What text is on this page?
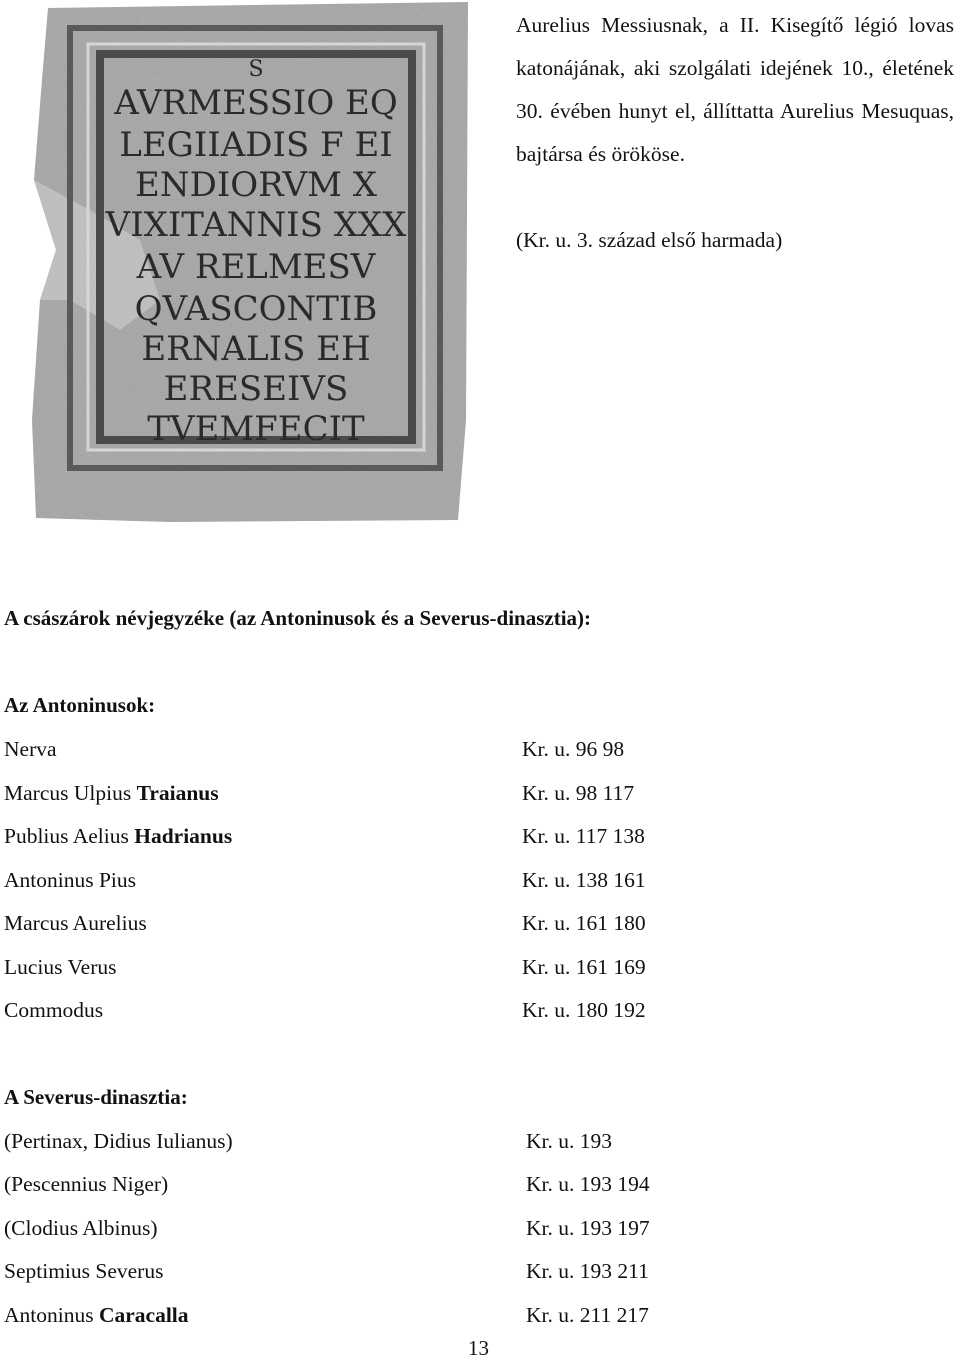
S
AVRMESSIO EQ
LEGIIADIS F EI
ENDIORVM X
VIXITANNIS XXX
AV RELMESV
QVASCONTIB
ERNALIS EH
ERESEIVS
TVEMFECIT

Aurelius Messiusnak, a II. Kisegítő légió lovas katonájának, aki szolgálati idejének 10., életének 30. évében hunyt el, állíttatta Aurelius Mesuquas, bajtársa és örököse.

(Kr. u. 3. század első harmada)

A császárok névjegyzéke (az Antoninusok és a Severus-dinasztia):
Az Antoninusok:
Nerva	Kr. u. 96 98
Marcus Ulpius Traianus	Kr. u. 98 117
Publius Aelius Hadrianus	Kr. u. 117 138
Antoninus Pius	Kr. u. 138 161
Marcus Aurelius	Kr. u. 161 180
Lucius Verus	Kr. u. 161 169
Commodus	Kr. u. 180 192
A Severus-dinasztia:
(Pertinax, Didius Iulianus)	Kr. u. 193
(Pescennius Niger)	Kr. u. 193 194
(Clodius Albinus)	Kr. u. 193 197
Septimius Severus	Kr. u. 193 211
Antoninus Caracalla	Kr. u. 211 217
13
